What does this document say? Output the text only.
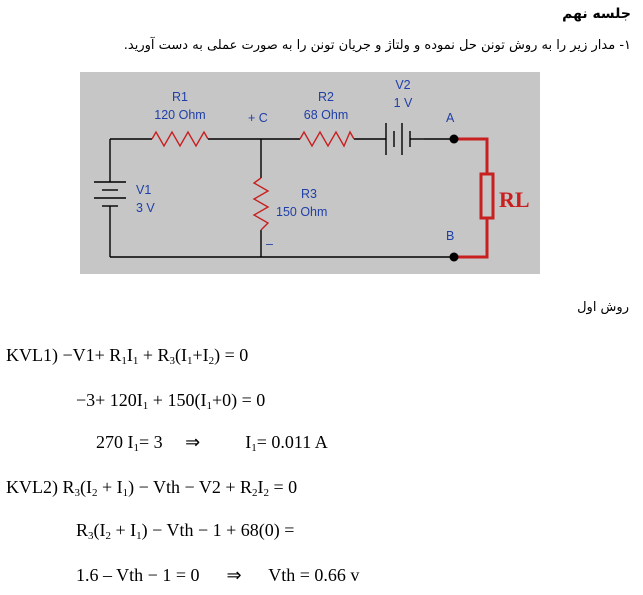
جلسه نهم
۱- مدار زیر را به روش تونن حل نموده و ولتاژ و جریان تونن را به صورت عملی به دست آورید.
R1
120 Ohm
R2
68 Ohm
V2
1 V
+ C	A
B
V1
3 V
R3
150 Ohm
–
RL
روش اول
$KVL1) -V1+ R_1I_1 + R_3(I_1+I_2) = 0$
$-3+ 120I_1 + 150(I_1+0) = 0$
270 $I_1= 3$     ⇒          $I_1= 0.011$ A
KVL2) $R_3(I_2 + I_1)$ − Vth − $V2 + R_2I_2 = 0$
$R_3(I_2 + I_1)$ − Vth − 1 + 68(0) =
1.6 – Vth − 1 = 0      ⇒      Vth = 0.66 v
